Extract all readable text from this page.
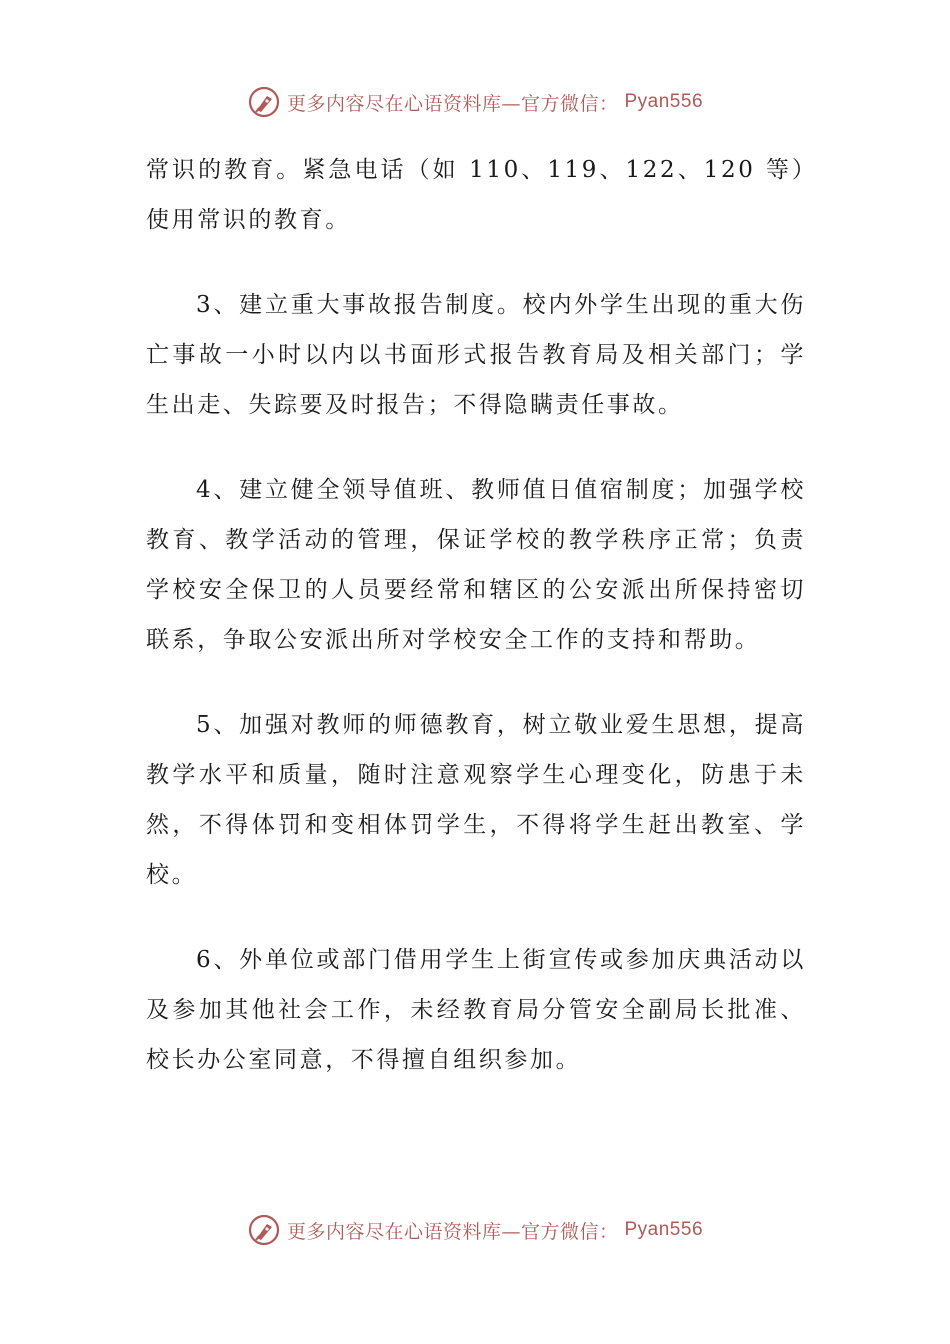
更多内容尽在心语资料库—官方微信： Pyan556

常识的教育。紧急电话（如 110、119、122、120 等）使用常识的教育。

3、建立重大事故报告制度。校内外学生出现的重大伤亡事故一小时以内以书面形式报告教育局及相关部门；学生出走、失踪要及时报告；不得隐瞒责任事故。

4、建立健全领导值班、教师值日值宿制度；加强学校教育、教学活动的管理，保证学校的教学秩序正常；负责学校安全保卫的人员要经常和辖区的公安派出所保持密切联系，争取公安派出所对学校安全工作的支持和帮助。

5、加强对教师的师德教育，树立敬业爱生思想，提高教学水平和质量，随时注意观察学生心理变化，防患于未然，不得体罚和变相体罚学生，不得将学生赶出教室、学校。

6、外单位或部门借用学生上街宣传或参加庆典活动以及参加其他社会工作，未经教育局分管安全副局长批准、校长办公室同意，不得擅自组织参加。

更多内容尽在心语资料库—官方微信： Pyan556
